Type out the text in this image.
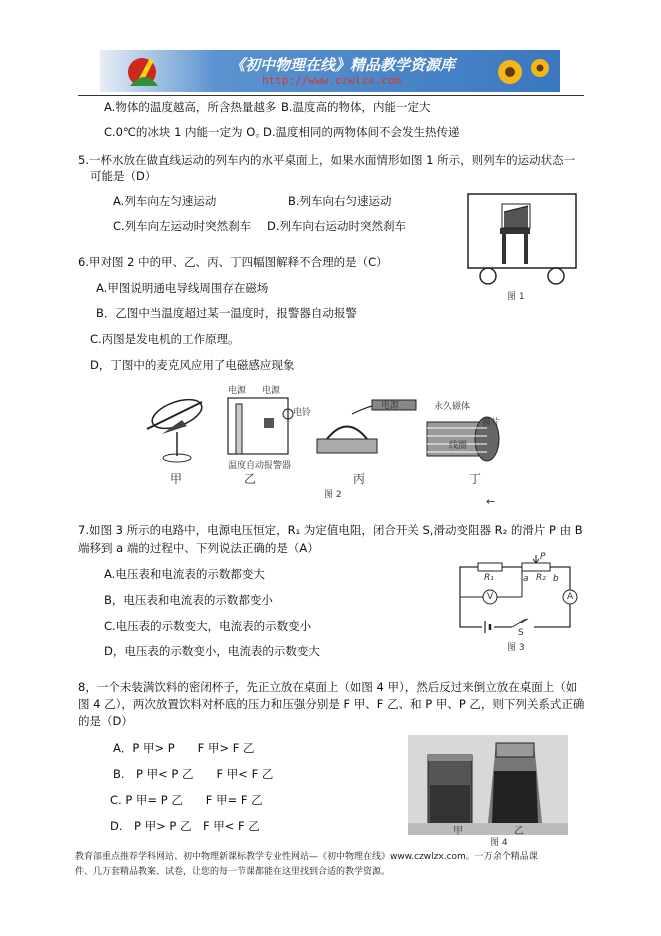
《初中物理在线》精品教学资源库
http://www.czwlzx.com
A.物体的温度越高，所含热量越多 B.温度高的物体，内能一定大
C.0℃的冰块 1 内能一定为 O。
D.温度相同的两物体间不会发生热传递
5.一杯水放在做直线运动的列车内的水平桌面上，如果水面情形如图 1 所示，则列车的运动状态一
可能是（D）
A.列车向左匀速运动	B.列车向右匀速运动
C.列车向左运动时突然刹车 D.列车向右运动时突然刹车
图 1
6.甲对图 2 中的甲、乙、丙、丁四幅图解释不合理的是（C）
A.甲图说明通电导线周围存在磁场
B．乙图中当温度超过某一温度时，报警器自动报警
C.丙图是发电机的工作原理。
D，丁图中的麦克风应用了电磁感应现象
电源 电源
电铃
温度自动报警器
电源	永久磁体
膜片
线圈
甲	乙	丙	丁
图 2	←
7.如图 3 所示的电路中，电源电压恒定，R₁ 为定值电阻，闭合开关 S,滑动变阻器 R₂ 的滑片 P 由 B
端移到 a 端的过程中、下列说法正确的是（A）
A.电压表和电流表的示数都变大
B，电压表和电流表的示数都变小
C.电压表的示数变大，电流表的示数变小
D，电压表的示数变小，电流表的示数变大
R₁	R₂
a	b
P
V	A
S
图 3
8，一个未装满饮料的密闭杯子，先正立放在桌面上（如图 4 甲），然后反过来倒立放在桌面上（如
图 4 乙），两次放置饮料对杯底的压力和压强分别是 F 甲、F 乙、和 P 甲、P 乙，则下列关系式正确
的是（D）
A．P 甲> P　　F 甲> F 乙
B.　P 甲< P 乙　　F 甲< F 乙
C. P 甲= P 乙　　F 甲= F 乙
D.　P 甲> P 乙　F 甲< F 乙	甲	乙
图 4
教育部重点推荐学科网站、初中物理新课标教学专业性网站—《初中物理在线》www.czwlzx.com。一万余个精品课
件、几万套精品教案、试卷，让您的每一节课都能在这里找到合适的教学资源。
